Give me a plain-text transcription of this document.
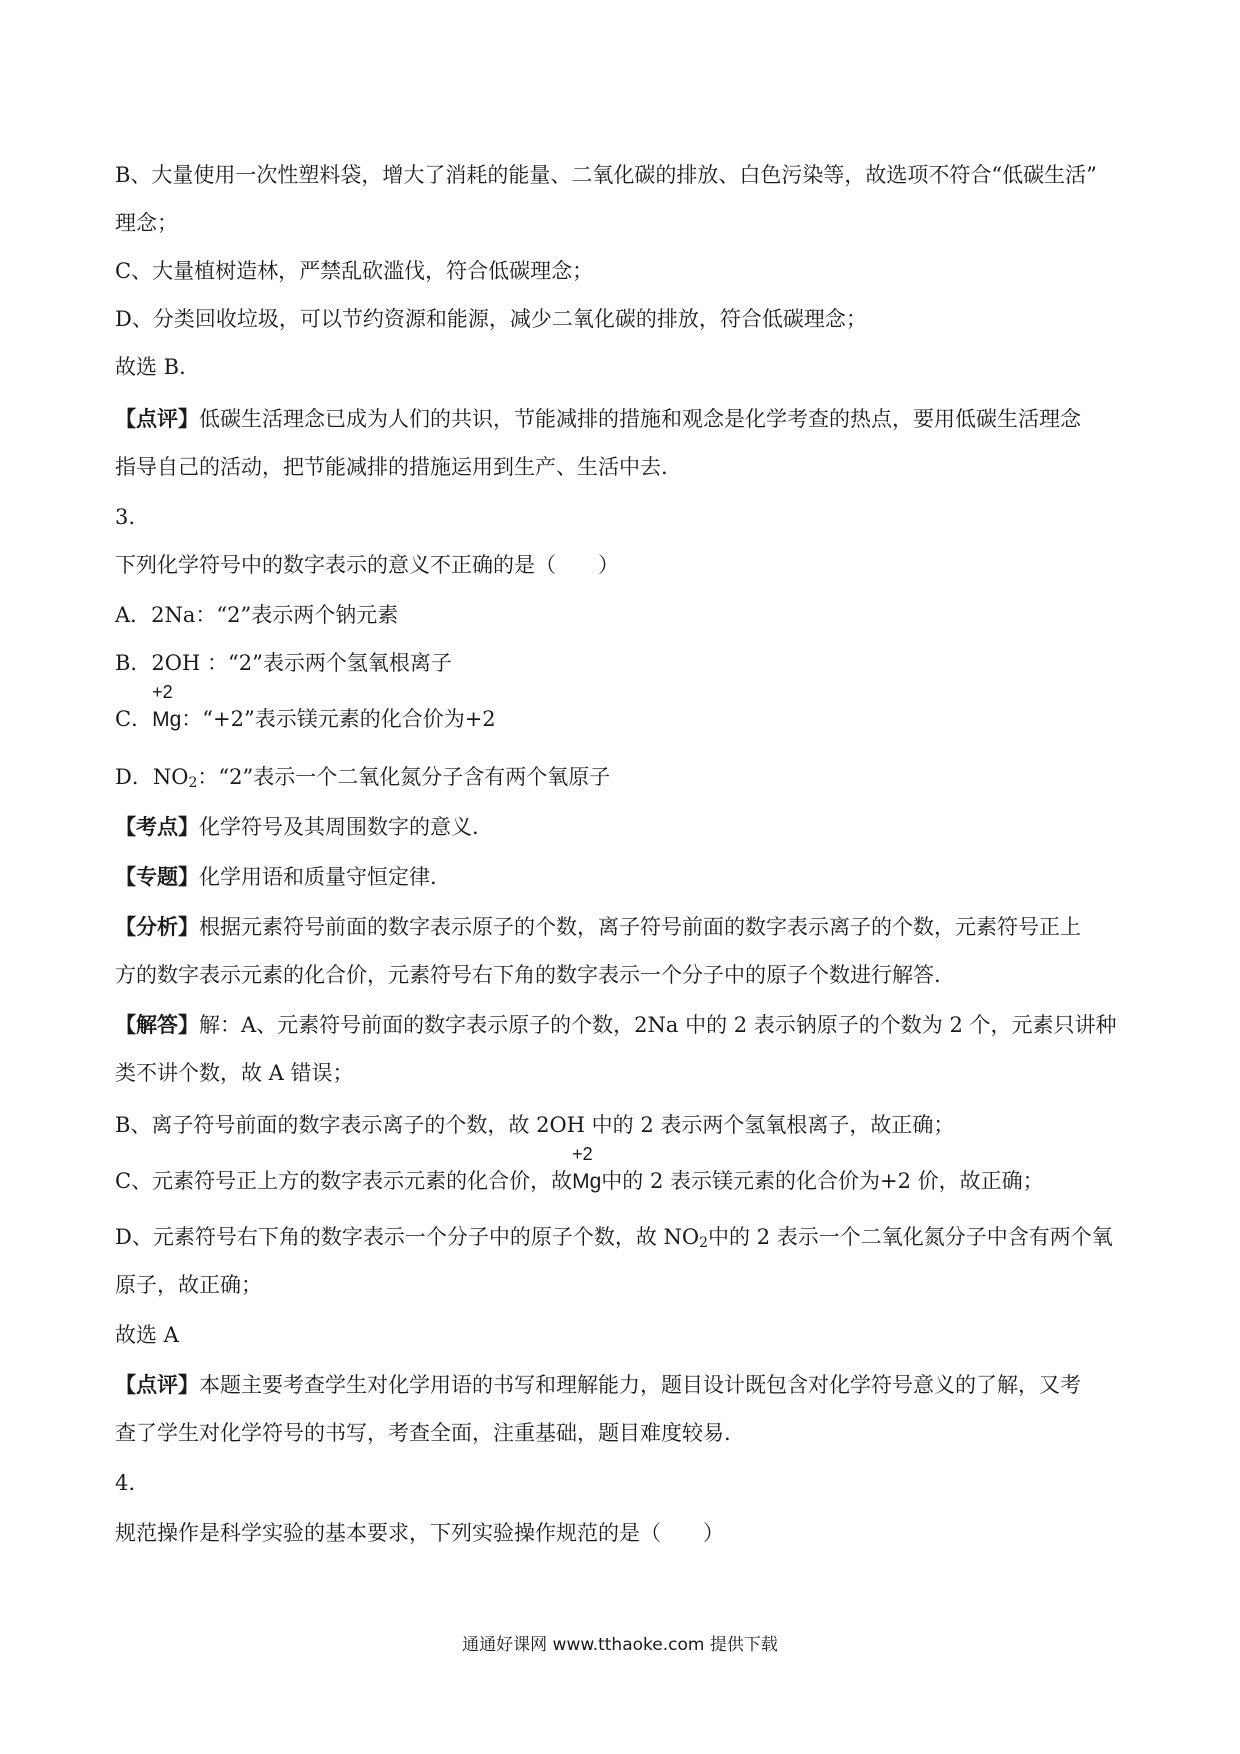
B、大量使用一次性塑料袋，增大了消耗的能量、二氧化碳的排放、白色污染等，故选项不符合“低碳生活”
理念；
C、大量植树造林，严禁乱砍滥伐，符合低碳理念；
D、分类回收垃圾，可以节约资源和能源，减少二氧化碳的排放，符合低碳理念；
故选 B.
【点评】低碳生活理念已成为人们的共识，节能减排的措施和观念是化学考查的热点，要用低碳生活理念
指导自己的活动，把节能减排的措施运用到生产、生活中去.
3.
下列化学符号中的数字表示的意义不正确的是（　　）
A．2Na：“2”表示两个钠元素
B．2OH ：“2”表示两个氢氧根离子
C．
+2
Mg：“+2”表示镁元素的化合价为+2
D．$NO_2$：“2”表示一个二氧化氮分子含有两个氧原子
【考点】化学符号及其周围数字的意义.
【专题】化学用语和质量守恒定律.
【分析】根据元素符号前面的数字表示原子的个数，离子符号前面的数字表示离子的个数，元素符号正上
方的数字表示元素的化合价，元素符号右下角的数字表示一个分子中的原子个数进行解答.
【解答】解：A、元素符号前面的数字表示原子的个数，2Na 中的 2 表示钠原子的个数为 2 个，元素只讲种
类不讲个数，故 A 错误；
B、离子符号前面的数字表示离子的个数，故 2OH 中的 2 表示两个氢氧根离子，故正确；
C、元素符号正上方的数字表示元素的化合价，故
+2
Mg中的 2 表示镁元素的化合价为+2 价，故正确；
D、元素符号右下角的数字表示一个分子中的原子个数，故 $NO_2$中的 2 表示一个二氧化氮分子中含有两个氧
原子，故正确；
故选 A
【点评】本题主要考查学生对化学用语的书写和理解能力，题目设计既包含对化学符号意义的了解，又考
查了学生对化学符号的书写，考查全面，注重基础，题目难度较易.
4.
规范操作是科学实验的基本要求，下列实验操作规范的是（　　）
通通好课网 www.tthaoke.com 提供下载
